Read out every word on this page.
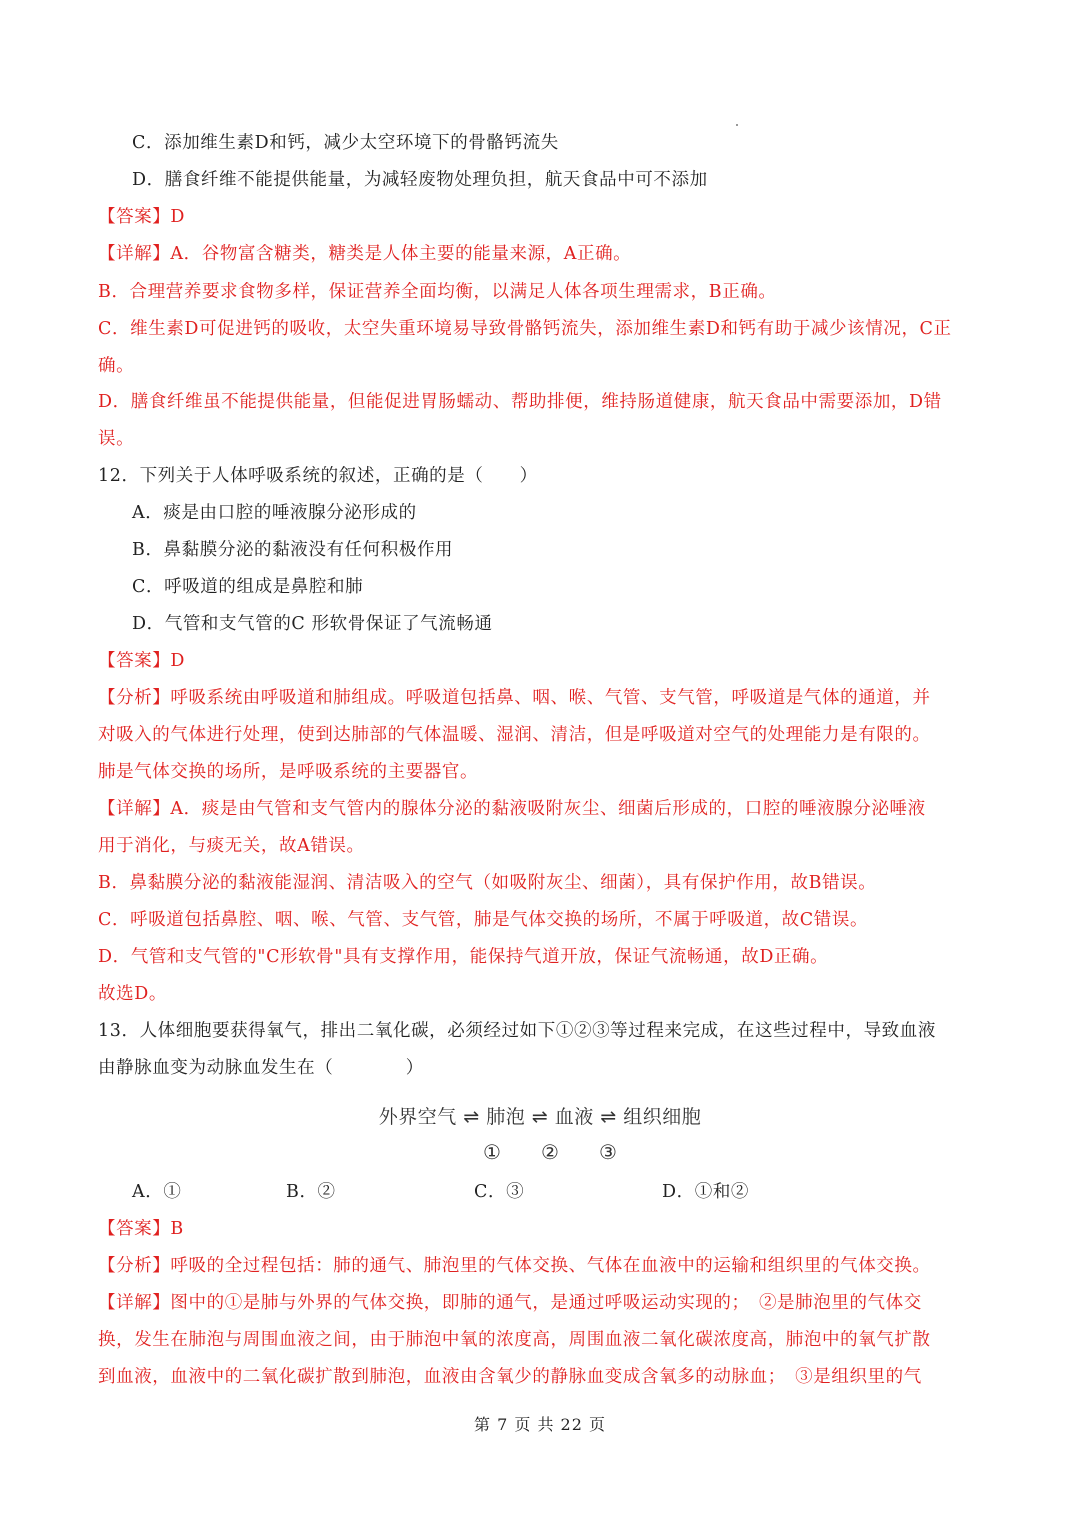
C．添加维生素D和钙，减少太空环境下的骨骼钙流失
D．膳食纤维不能提供能量，为减轻废物处理负担，航天食品中可不添加
【答案】D
【详解】A．谷物富含糖类，糖类是人体主要的能量来源，A正确。
B．合理营养要求食物多样，保证营养全面均衡，以满足人体各项生理需求，B正确。
C．维生素D可促进钙的吸收，太空失重环境易导致骨骼钙流失，添加维生素D和钙有助于减少该情况，C正
确。
D．膳食纤维虽不能提供能量，但能促进胃肠蠕动、帮助排便，维持肠道健康，航天食品中需要添加，D错
误。
12．下列关于人体呼吸系统的叙述，正确的是（　　）
A．痰是由口腔的唾液腺分泌形成的
B．鼻黏膜分泌的黏液没有任何积极作用
C．呼吸道的组成是鼻腔和肺
D．气管和支气管的C 形软骨保证了气流畅通
【答案】D
【分析】呼吸系统由呼吸道和肺组成。呼吸道包括鼻、咽、喉、气管、支气管，呼吸道是气体的通道，并
对吸入的气体进行处理，使到达肺部的气体温暖、湿润、清洁，但是呼吸道对空气的处理能力是有限的。
肺是气体交换的场所，是呼吸系统的主要器官。
【详解】A．痰是由气管和支气管内的腺体分泌的黏液吸附灰尘、细菌后形成的，口腔的唾液腺分泌唾液
用于消化，与痰无关，故A错误。
B．鼻黏膜分泌的黏液能湿润、清洁吸入的空气（如吸附灰尘、细菌），具有保护作用，故B错误。
C．呼吸道包括鼻腔、咽、喉、气管、支气管，肺是气体交换的场所，不属于呼吸道，故C错误。
D．气管和支气管的"C形软骨"具有支撑作用，能保持气道开放，保证气流畅通，故D正确。
故选D。
13．人体细胞要获得氧气，排出二氧化碳，必须经过如下①②③等过程来完成，在这些过程中，导致血液
由静脉血变为动脉血发生在（　　　　）
外界空气 ⇌ 肺泡 ⇌ 血液 ⇌ 组织细胞
① ② ③
A．①	B．②	C．③	D．①和②
【答案】B
【分析】呼吸的全过程包括：肺的通气、肺泡里的气体交换、气体在血液中的运输和组织里的气体交换。
【详解】图中的①是肺与外界的气体交换，即肺的通气，是通过呼吸运动实现的；　②是肺泡里的气体交
换，发生在肺泡与周围血液之间，由于肺泡中氧的浓度高，周围血液二氧化碳浓度高，肺泡中的氧气扩散
到血液，血液中的二氧化碳扩散到肺泡，血液由含氧少的静脉血变成含氧多的动脉血；　③是组织里的气
第 7 页 共 22 页
